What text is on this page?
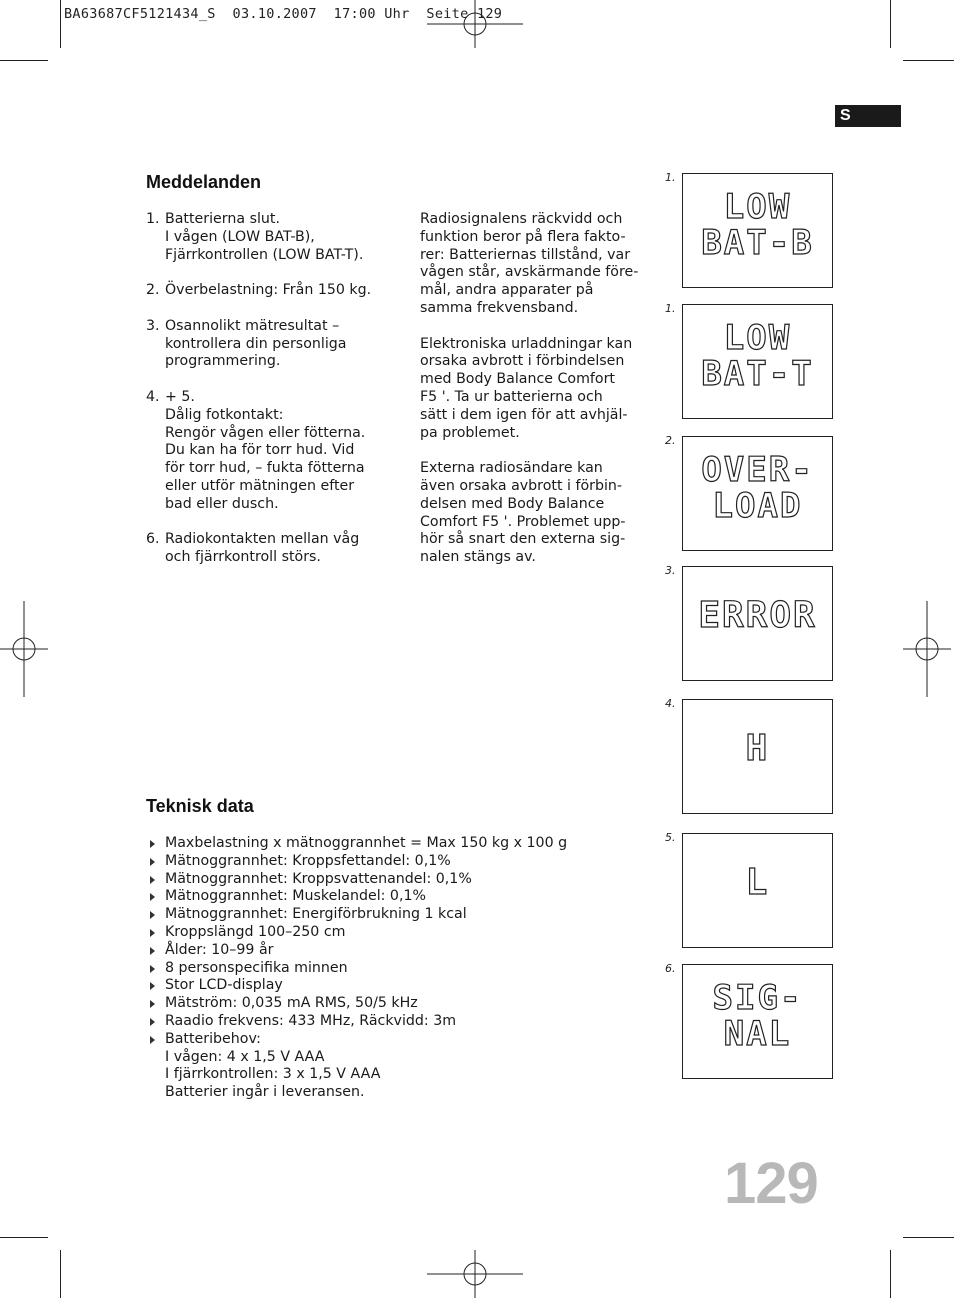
BA63687CF5121434_S  03.10.2007  17:00 Uhr  Seite 129
S
Meddelanden
1. Batterierna slut.
I vågen (LOW BAT-B),
Fjärrkontrollen (LOW BAT-T).
2. Överbelastning: Från 150 kg.
3. Osannolikt mätresultat –
kontrollera din personliga
programmering.
4. + 5.
Dålig fotkontakt:
Rengör vågen eller fötterna.
Du kan ha för torr hud. Vid
för torr hud, – fukta fötterna
eller utför mätningen efter
bad eller dusch.
6. Radiokontakten mellan våg
och fjärrkontroll störs.
Radiosignalens räckvidd och
funktion beror på flera fakto-
rer: Batteriernas tillstånd, var
vågen står, avskärmande före-
mål, andra apparater på
samma frekvensband.
Elektroniska urladdningar kan
orsaka avbrott i förbindelsen
med Body Balance Comfort
F5 '. Ta ur batterierna och
sätt i dem igen för att avhjäl-
pa problemet.
Externa radiosändare kan
även orsaka avbrott i förbin-
delsen med Body Balance
Comfort F5 '. Problemet upp-
hör så snart den externa sig-
nalen stängs av.
Teknisk data
Maxbelastning x mätnoggrannhet = Max 150 kg x 100 g
Mätnoggrannhet: Kroppsfettandel: 0,1%
Mätnoggrannhet: Kroppsvattenandel: 0,1%
Mätnoggrannhet: Muskelandel: 0,1%
Mätnoggrannhet: Energiförbrukning 1 kcal
Kroppslängd 100–250 cm
Ålder: 10–99 år
8 personspecifika minnen
Stor LCD-display
Mätström: 0,035 mA RMS, 50/5 kHz
Raadio frekvens: 433 MHz, Räckvidd: 3m
Batteribehov:
I vågen: 4 x 1,5 V AAA
I fjärrkontrollen: 3 x 1,5 V AAA
Batterier ingår i leveransen.
1.
LOW
BAT-B
1.
LOW
BAT-T
2.
OVER-
LOAD
3.
ERROR
4.
H
5.
L
6.
SIG-
NAL
129
